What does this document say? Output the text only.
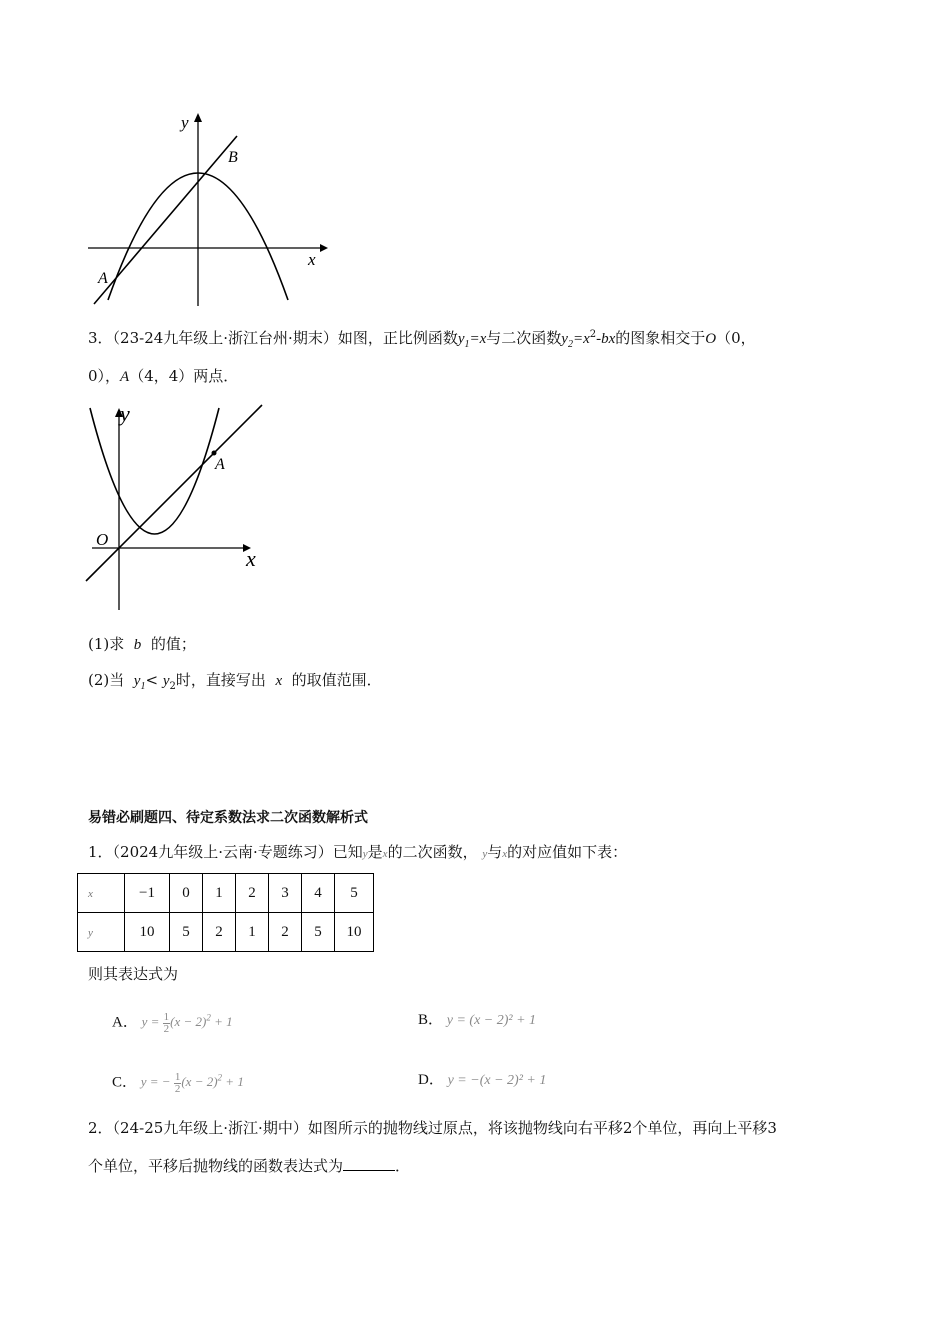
y
x
A
B
3．（23-24九年级上·浙江台州·期末）如图，正比例函数$y_1=x$与二次函数$y_2=x^2-bx$的图象相交于O（0，
0），A（4，4）两点．
y
x
O
A
(1)求 b 的值；
(2)当 $y_1< y_2$时，直接写出 x 的取值范围．
易错必刷题四、待定系数法求二次函数解析式
1．（2024九年级上·云南·专题练习）已知y是x的二次函数， y与x的对应值如下表：
x	−1	0	1	2	3	4	5
y	10	5	2	1	2	5	10
则其表达式为
A． $y = \frac{1}{2} (x - 2)^2 + 1$	B． y = (x − 2)² + 1
C． y = − $\frac{1}{2} (x - 2)^2 + 1$	D． y = −(x − 2)² + 1
2．（24-25九年级上·浙江·期中）如图所示的抛物线过原点，将该抛物线向右平移2个单位，再向上平移3
个单位，平移后抛物线的函数表达式为	．
